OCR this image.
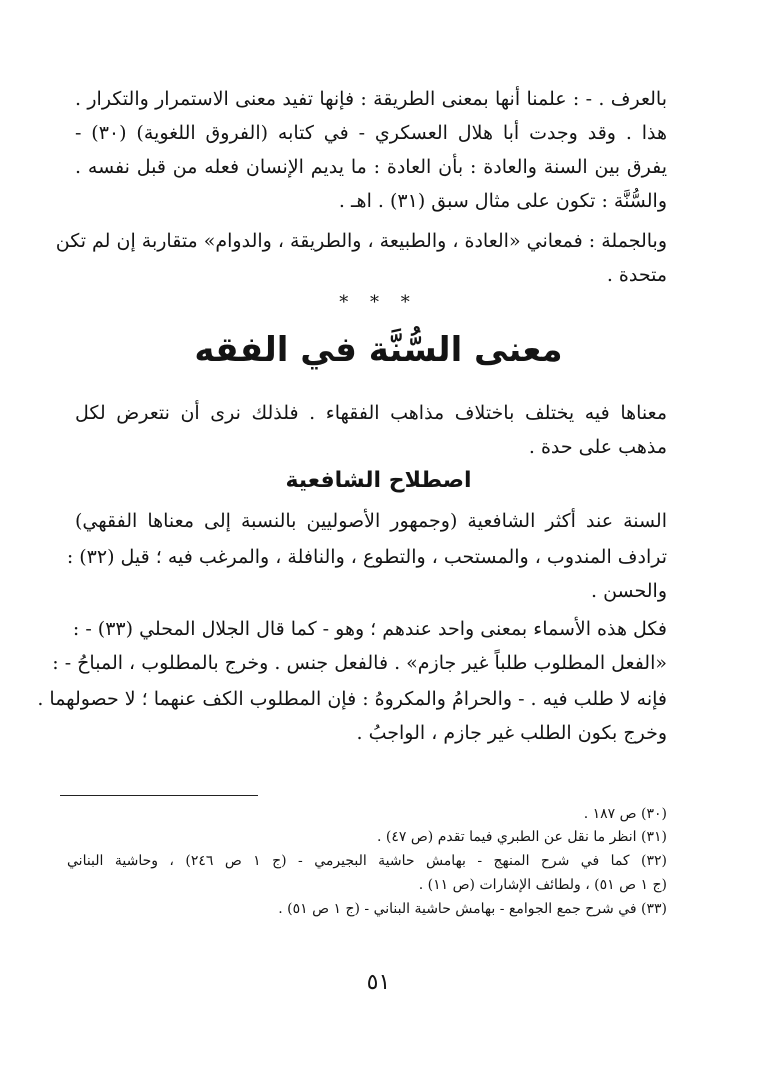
بالعرف . - : علمنا أنها بمعنى الطريقة : فإنها تفيد معنى الاستمرار والتكرار .

هذا . وقد وجدت أبا هلال العسكري - في كتابه (الفروق اللغوية) (٣٠) -

يفرق بين السنة والعادة : بأن العادة : ما يديم الإنسان فعله من قبل نفسه .

والسُّنَّة : تكون على مثال سبق (٣١) . اهـ .

وبالجملة : فمعاني «العادة ، والطبيعة ، والطريقة ، والدوام» متقاربة إن لم تكن

متحدة .

* * *

معنى السُّنَّة في الفقه

معناها فيه يختلف باختلاف مذاهب الفقهاء . فلذلك نرى أن نتعرض لكل

مذهب على حدة .

اصطلاح الشافعية

السنة عند أكثر الشافعية (وجمهور الأصوليين بالنسبة إلى معناها الفقهي)

ترادف المندوب ، والمستحب ، والتطوع ، والنافلة ، والمرغب فيه ؛ قيل (٣٢) :

والحسن .

فكل هذه الأسماء بمعنى واحد عندهم ؛ وهو - كما قال الجلال المحلي (٣٣) - :

«الفعل المطلوب طلباً غير جازم» . فالفعل جنس . وخرج بالمطلوب ، المباحُ - :

فإنه لا طلب فيه . - والحرامُ والمكروهُ : فإن المطلوب الكف عنهما ؛ لا حصولهما .

وخرج بكون الطلب غير جازم ، الواجبُ .

(٣٠) ص ١٨٧ .

(٣١) انظر ما نقل عن الطبري فيما تقدم (ص ٤٧) .

(٣٢) كما في شرح المنهج - بهامش حاشية البجيرمي - (ج ١ ص ٢٤٦) ، وحاشية البناني

(ج ١ ص ٥١) ، ولطائف الإشارات (ص ١١) .

(٣٣) في شرح جمع الجوامع - بهامش حاشية البناني - (ج ١ ص ٥١) .

٥١
